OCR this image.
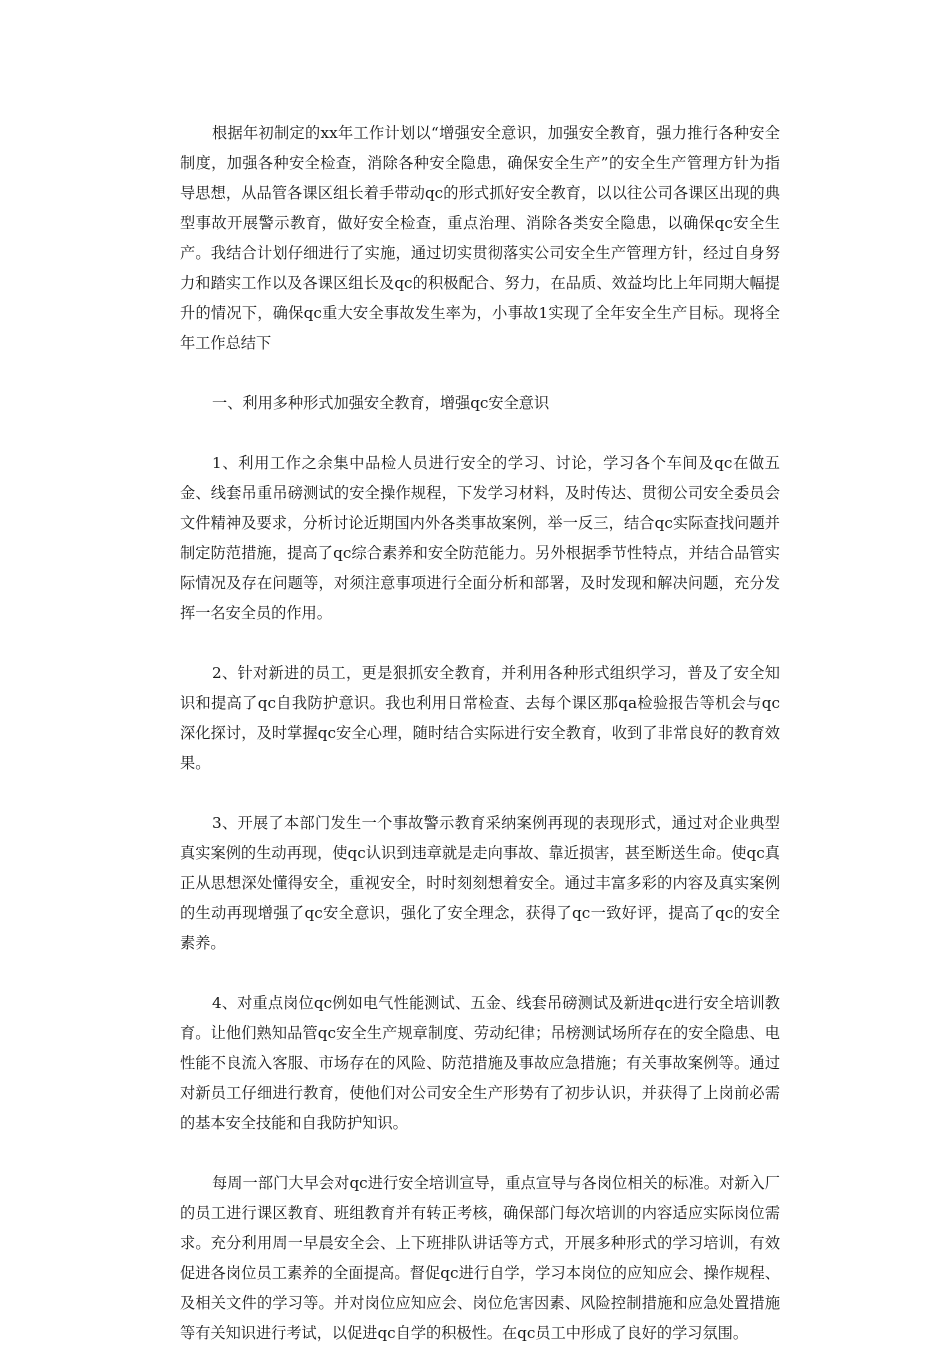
根据年初制定的xx年工作计划以“增强安全意识，加强安全教育，强力推行各种安全制度，加强各种安全检查，消除各种安全隐患，确保安全生产”的安全生产管理方针为指导思想，从品管各课区组长着手带动qc的形式抓好安全教育，以以往公司各课区出现的典型事故开展警示教育，做好安全检查，重点治理、消除各类安全隐患，以确保qc安全生产。我结合计划仔细进行了实施，通过切实贯彻落实公司安全生产管理方针，经过自身努力和踏实工作以及各课区组长及qc的积极配合、努力，在品质、效益均比上年同期大幅提升的情况下，确保qc重大安全事故发生率为，小事故1实现了全年安全生产目标。现将全年工作总结下

一、利用多种形式加强安全教育，增强qc安全意识

1、利用工作之余集中品检人员进行安全的学习、讨论，学习各个车间及qc在做五金、线套吊重吊磅测试的安全操作规程，下发学习材料，及时传达、贯彻公司安全委员会文件精神及要求，分析讨论近期国内外各类事故案例，举一反三，结合qc实际查找问题并制定防范措施，提高了qc综合素养和安全防范能力。另外根据季节性特点，并结合品管实际情况及存在问题等，对须注意事项进行全面分析和部署，及时发现和解决问题，充分发挥一名安全员的作用。

2、针对新进的员工，更是狠抓安全教育，并利用各种形式组织学习，普及了安全知识和提高了qc自我防护意识。我也利用日常检查、去每个课区那qa检验报告等机会与qc深化探讨，及时掌握qc安全心理，随时结合实际进行安全教育，收到了非常良好的教育效果。

3、开展了本部门发生一个事故警示教育采纳案例再现的表现形式，通过对企业典型真实案例的生动再现，使qc认识到违章就是走向事故、靠近损害，甚至断送生命。使qc真正从思想深处懂得安全，重视安全，时时刻刻想着安全。通过丰富多彩的内容及真实案例的生动再现增强了qc安全意识，强化了安全理念，获得了qc一致好评，提高了qc的安全素养。

4、对重点岗位qc例如电气性能测试、五金、线套吊磅测试及新进qc进行安全培训教育。让他们熟知品管qc安全生产规章制度、劳动纪律；吊榜测试场所存在的安全隐患、电性能不良流入客服、市场存在的风险、防范措施及事故应急措施；有关事故案例等。通过对新员工仔细进行教育，使他们对公司安全生产形势有了初步认识，并获得了上岗前必需的基本安全技能和自我防护知识。

每周一部门大早会对qc进行安全培训宣导，重点宣导与各岗位相关的标准。对新入厂的员工进行课区教育、班组教育并有转正考核，确保部门每次培训的内容适应实际岗位需求。充分利用周一早晨安全会、上下班排队讲话等方式，开展多种形式的学习培训，有效促进各岗位员工素养的全面提高。督促qc进行自学，学习本岗位的应知应会、操作规程、及相关文件的学习等。并对岗位应知应会、岗位危害因素、风险控制措施和应急处置措施等有关知识进行考试，以促进qc自学的积极性。在qc员工中形成了良好的学习氛围。
